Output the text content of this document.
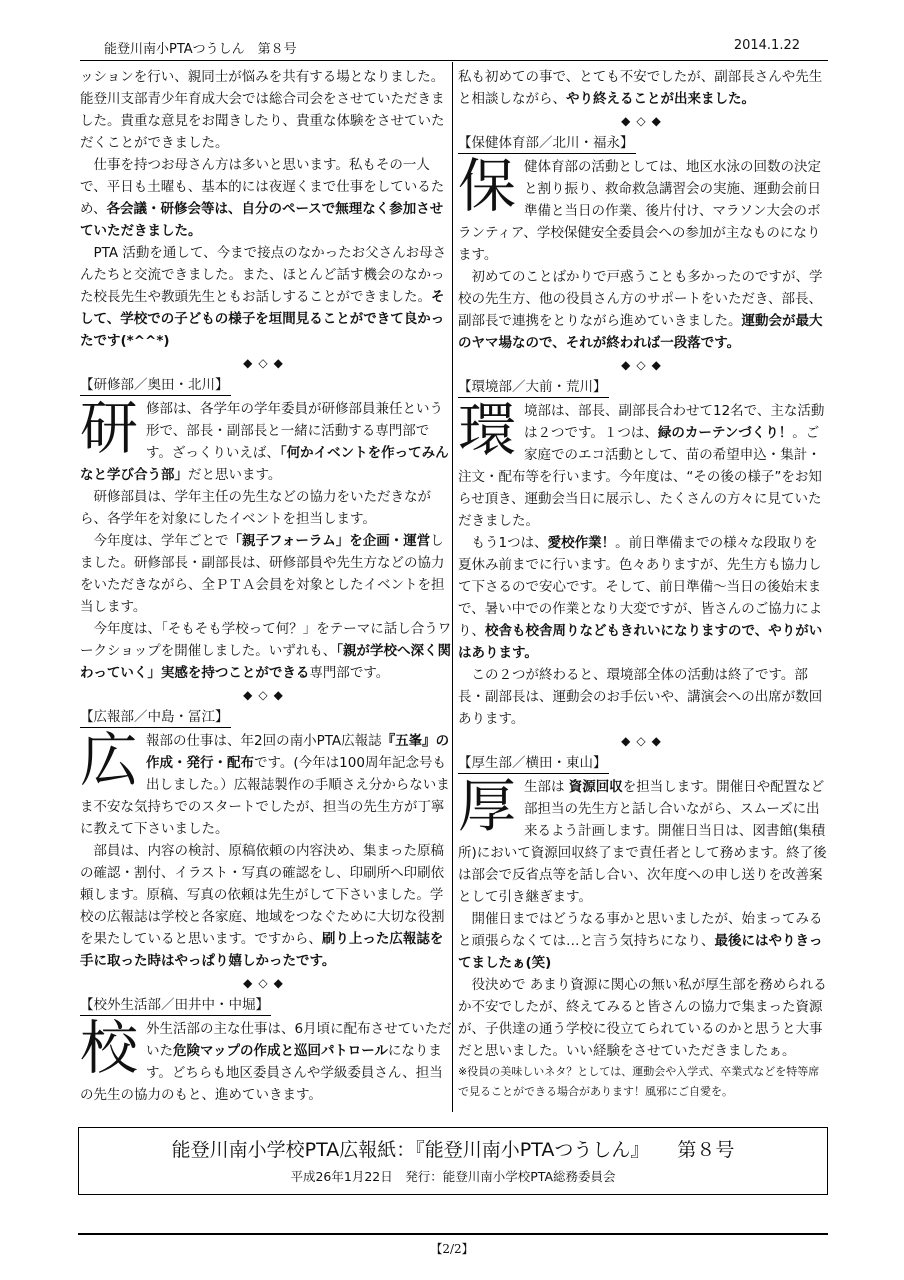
能登川南小PTAつうしん　第８号	2014.1.22

ッションを行い、親同士が悩みを共有する場となりました。能登川支部青少年育成大会では総合司会をさせていただきました。貴重な意見をお聞きしたり、貴重な体験をさせていただくことができました。

仕事を持つお母さん方は多いと思います。私もその一人で、平日も土曜も、基本的には夜遅くまで仕事をしているため、各会議・研修会等は、自分のペースで無理なく参加させていただきました。

PTA 活動を通して、今まで接点のなかったお父さんお母さんたちと交流できました。また、ほとんど話す機会のなかった校長先生や教頭先生ともお話しすることができました。そして、学校での子どもの様子を垣間見ることができて良かったです(*^^*)

◆◇◆
【研修部／奥田・北川】
研 修部は、各学年の学年委員が研修部員兼任という形で、部長・副部長と一緒に活動する専門部です。ざっくりいえば、「何かイベントを作ってみんなと学び合う部」だと思います。

研修部員は、学年主任の先生などの協力をいただきながら、各学年を対象にしたイベントを担当します。

今年度は、学年ごとで「親子フォーラム」を企画・運営しました。研修部長・副部長は、研修部員や先生方などの協力をいただきながら、全ＰＴＡ会員を対象としたイベントを担当します。

今年度は、「そもそも学校って何？」をテーマに話し合うワークショップを開催しました。いずれも、「親が学校へ深く関わっていく」実感を持つことができる専門部です。

◆◇◆
【広報部／中島・冨江】
広 報部の仕事は、年2回の南小PTA広報誌『五峯』の作成・発行・配布です。(今年は100周年記念号も出しました。）広報誌製作の手順さえ分からないまま不安な気持ちでのスタートでしたが、担当の先生方が丁寧に教えて下さいました。

部員は、内容の検討、原稿依頼の内容決め、集まった原稿の確認・割付、イラスト・写真の確認をし、印刷所へ印刷依頼します。原稿、写真の依頼は先生がして下さいました。学校の広報誌は学校と各家庭、地域をつなぐために大切な役割を果たしていると思います。ですから、刷り上った広報誌を手に取った時はやっぱり嬉しかったです。

◆◇◆
【校外生活部／田井中・中堀】
校 外生活部の主な仕事は、6月頃に配布させていただいた危険マップの作成と巡回パトロールになります。どちらも地区委員さんや学級委員さん、担当の先生の協力のもと、進めていきます。

私も初めての事で、とても不安でしたが、副部長さんや先生と相談しながら、やり終えることが出来ました。

◆◇◆
【保健体育部／北川・福永】
保 健体育部の活動としては、地区水泳の回数の決定と割り振り、救命救急講習会の実施、運動会前日準備と当日の作業、後片付け、マラソン大会のボランティア、学校保健安全委員会への参加が主なものになります。

初めてのことばかりで戸惑うことも多かったのですが、学校の先生方、他の役員さん方のサポートをいただき、部長、副部長で連携をとりながら進めていきました。運動会が最大のヤマ場なので、それが終われば一段落です。

◆◇◆
【環境部／大前・荒川】
環 境部は、部長、副部長合わせて12名で、主な活動は２つです。１つは、緑のカーテンづくり！。ご家庭でのエコ活動として、苗の希望申込・集計・注文・配布等を行います。今年度は、“その後の様子”をお知らせ頂き、運動会当日に展示し、たくさんの方々に見ていただきました。

もう1つは、愛校作業！。前日準備までの様々な段取りを夏休み前までに行います。色々ありますが、先生方も協力して下さるので安心です。そして、前日準備～当日の後始末まで、暑い中での作業となり大変ですが、皆さんのご協力により、校舎も校舎周りなどもきれいになりますので、やりがいはあります。

この２つが終わると、環境部全体の活動は終了です。部長・副部長は、運動会のお手伝いや、講演会への出席が数回あります。

◆◇◆
【厚生部／横田・東山】
厚 生部は 資源回収を担当します。開催日や配置など部担当の先生方と話し合いながら、スムーズに出来るよう計画します。開催日当日は、図書館(集積所)において資源回収終了まで責任者として務めます。終了後は部会で反省点等を話し合い、次年度への申し送りを改善案として引き継ぎます。

開催日まではどうなる事かと思いましたが、始まってみると頑張らなくては…と言う気持ちになり、最後にはやりきってましたぁ(笑)

役決めで あまり資源に関心の無い私が厚生部を務められるか不安でしたが、終えてみると皆さんの協力で集まった資源が、子供達の通う学校に役立てられているのかと思うと大事だと思いました。いい経験をさせていただきましたぁ。

※役員の美味しいネタ？としては、運動会や入学式、卒業式などを特等席で見ることができる場合があります！風邪にご自愛を。

能登川南小学校PTA広報紙：『能登川南小PTAつうしん』 第８号
平成26年1月22日　発行：能登川南小学校PTA総務委員会
【2/2】
